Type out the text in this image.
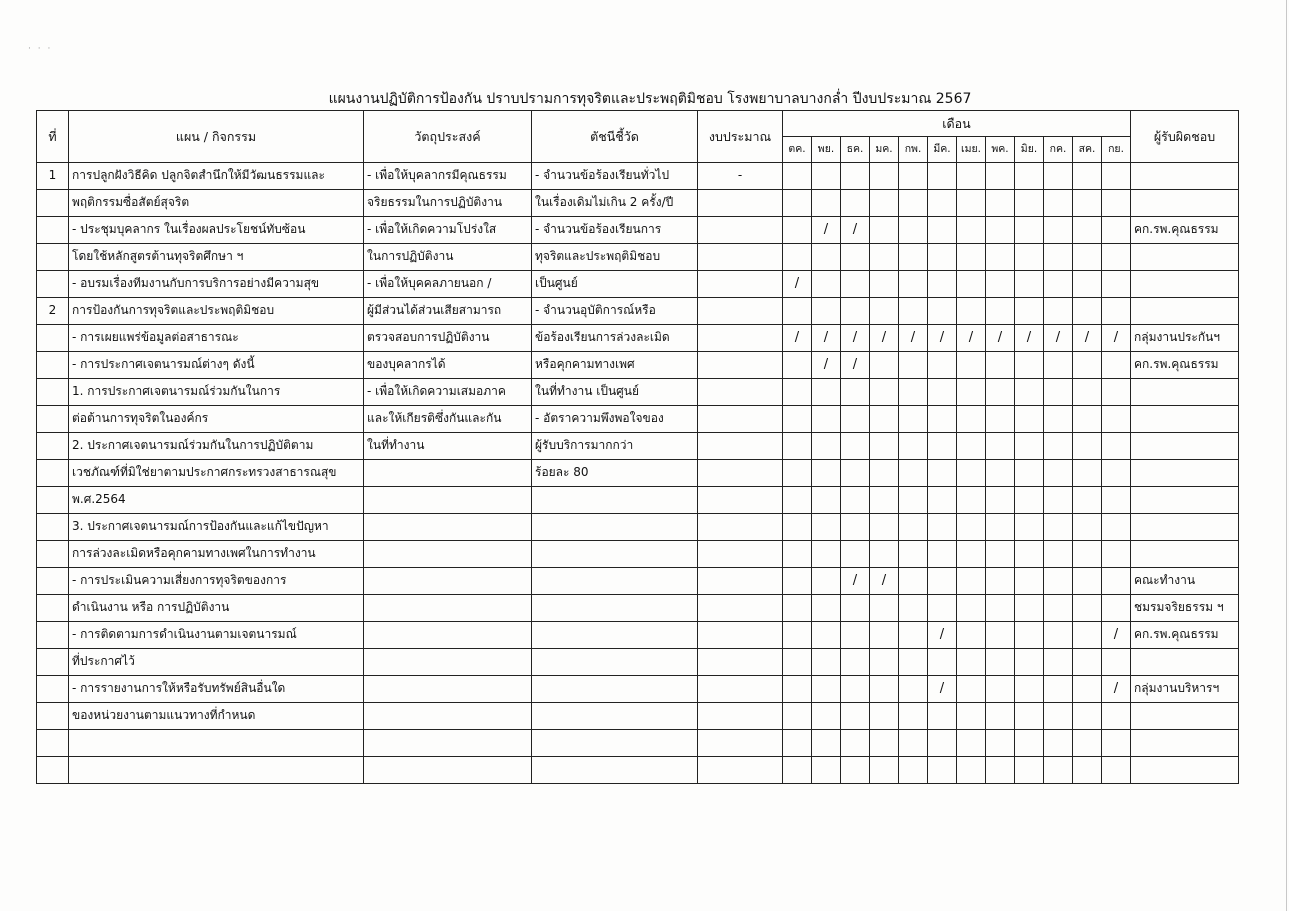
· · ·
แผนงานปฏิบัติการป้องกัน ปราบปรามการทุจริตและประพฤติมิชอบ โรงพยาบาลบางกล่ำ ปีงบประมาณ 2567
ที่	แผน / กิจกรรม	วัตถุประสงค์	ตัชนีชี้วัด	งบประมาณ	เดือน												ผู้รับผิดชอบ
					ตค.	พย.	ธค.	มค.	กพ.	มีค.	เมย.	พค.	มิย.	กค.	สค.	กย.	
1	การปลูกฝังวิธีคิด ปลูกจิตสำนึกให้มีวัฒนธรรมและ	- เพื่อให้บุคลากรมีคุณธรรม	- จำนวนข้อร้องเรียนทั่วไป	-													
	พฤติกรรมซื่อสัตย์สุจริต	จริยธรรมในการปฏิบัติงาน	ในเรื่องเดิมไม่เกิน 2 ครั้ง/ปี														
	- ประชุมบุคลากร ในเรื่องผลประโยชน์ทับซ้อน	- เพื่อให้เกิดความโปร่งใส	- จำนวนข้อร้องเรียนการ			/	/										คก.รพ.คุณธรรม
	โดยใช้หลักสูตรต้านทุจริตศึกษา ฯ	ในการปฏิบัติงาน	ทุจริตและประพฤติมิชอบ														
	- อบรมเรื่องทีมงานกับการบริการอย่างมีความสุข	- เพื่อให้บุคคลภายนอก /	เป็นศูนย์		/												
2	การป้องกันการทุจริตและประพฤติมิชอบ	ผู้มีส่วนได้ส่วนเสียสามารถ	- จำนวนอุบัติการณ์หรือ														
	- การเผยแพร่ข้อมูลต่อสาธารณะ	ตรวจสอบการปฏิบัติงาน	ข้อร้องเรียนการล่วงละเมิด		/	/	/	/	/	/	/	/	/	/	/	/	กลุ่มงานประกันฯ
	- การประกาศเจตนารมณ์ต่างๆ ดังนี้	ของบุคลากรได้	หรือคุกคามทางเพศ			/	/										คก.รพ.คุณธรรม
	1. การประกาศเจตนารมณ์ร่วมกันในการ	- เพื่อให้เกิดความเสมอภาค	ในที่ทำงาน เป็นศูนย์														
	ต่อต้านการทุจริตในองค์กร	และให้เกียรติซึ่งกันและกัน	- อัตราความพึงพอใจของ														
	2. ประกาศเจตนารมณ์ร่วมกันในการปฏิบัติตาม	ในที่ทำงาน	ผู้รับบริการมากกว่า														
	เวชภัณฑ์ที่มิใช่ยาตามประกาศกระทรวงสาธารณสุข		ร้อยละ 80														
	พ.ศ.2564																
	3. ประกาศเจตนารมณ์การป้องกันและแก้ไขปัญหา																
	การล่วงละเมิดหรือคุกคามทางเพศในการทำงาน																
	- การประเมินความเสี่ยงการทุจริตของการ						/	/									คณะทำงาน
	ดำเนินงาน หรือ การปฏิบัติงาน																ชมรมจริยธรรม ฯ
	- การติดตามการดำเนินงานตามเจตนารมณ์									/						/	คก.รพ.คุณธรรม
	ที่ประกาศไว้																
	- การรายงานการให้หรือรับทรัพย์สินอื่นใด									/						/	กลุ่มงานบริหารฯ
	ของหน่วยงานตามแนวทางที่กำหนด																
